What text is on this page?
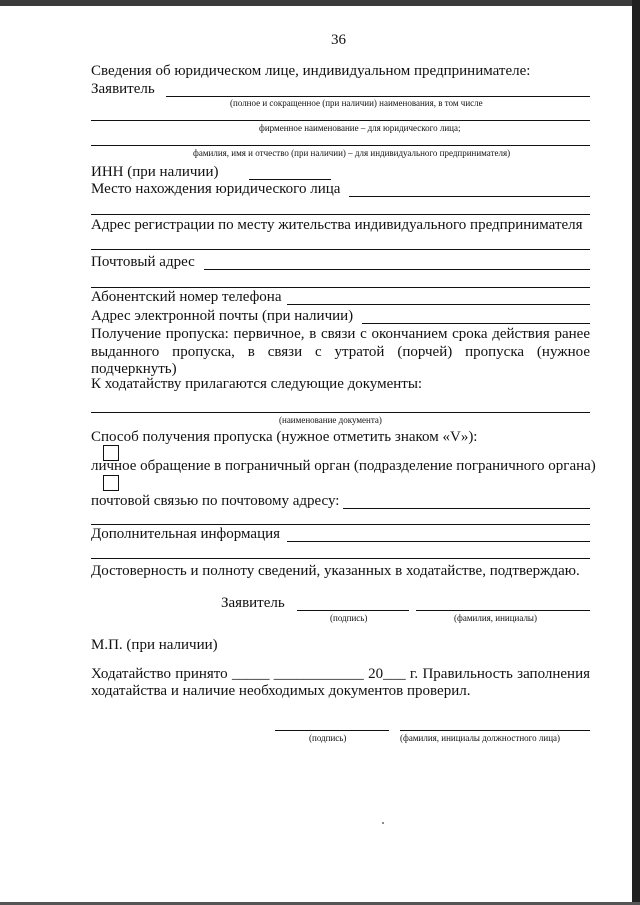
36
Сведения об юридическом лице, индивидуальном предпринимателе:
Заявитель
(полное и сокращенное (при наличии) наименования, в том числе
фирменное наименование – для юридического лица;
фамилия, имя и отчество (при наличии) – для индивидуального предпринимателя)
ИНН (при наличии)
Место нахождения юридического лица
Адрес регистрации по месту жительства индивидуального предпринимателя
Почтовый адрес
Абонентский номер телефона
Адрес электронной почты (при наличии)
Получение пропуска: первичное, в связи с окончанием срока действия ранее
выданного пропуска, в связи с утратой (порчей) пропуска (нужное
подчеркнуть)
К ходатайству прилагаются следующие документы:
(наименование документа)
Способ получения пропуска (нужное отметить знаком «V»):
личное обращение в пограничный орган (подразделение пограничного органа)
почтовой связью по почтовому адресу:
Дополнительная информация
Достоверность и полноту сведений, указанных в ходатайстве, подтверждаю.
Заявитель
(подпись)	(фамилия, инициалы)
М.П. (при наличии)
Ходатайство принято _____ ____________ 20___ г. Правильность заполнения
ходатайства и наличие необходимых документов проверил.
(подпись)	(фамилия, инициалы должностного лица)
